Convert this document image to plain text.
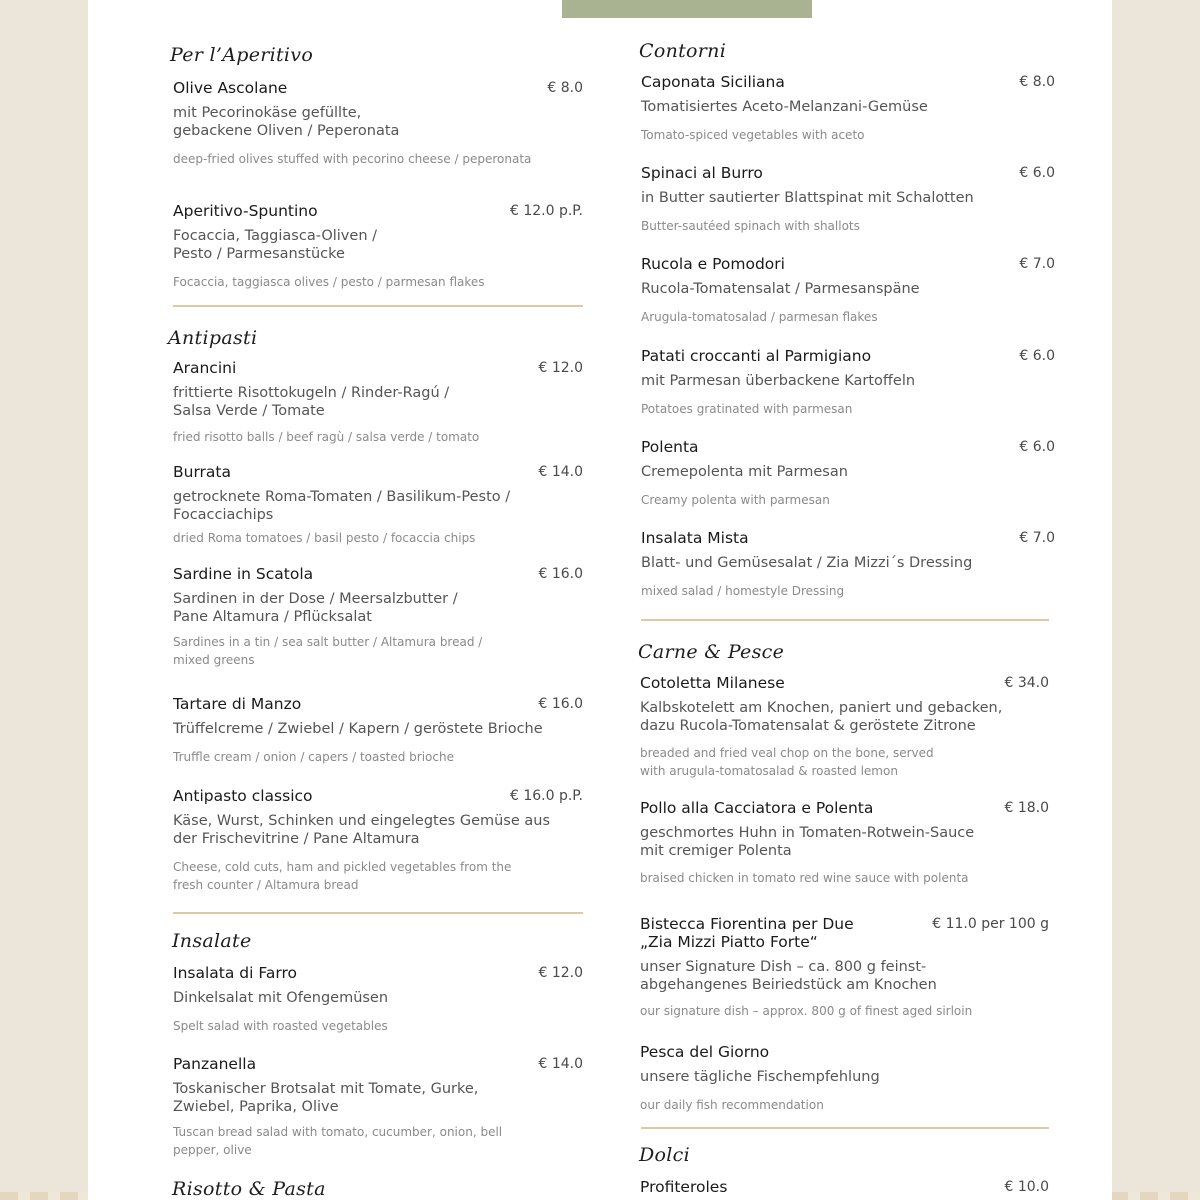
Per l’Aperitivo
Olive Ascolane	€ 8.0
mit Pecorinokäse gefüllte,
gebackene Oliven / Peperonata
deep-fried olives stuffed with pecorino cheese / peperonata
Aperitivo-Spuntino	€ 12.0 p.P.
Focaccia, Taggiasca-Oliven /
Pesto / Parmesanstücke
Focaccia, taggiasca olives / pesto / parmesan flakes
Antipasti
Arancini	€ 12.0
frittierte Risottokugeln / Rinder-Ragú /
Salsa Verde / Tomate
fried risotto balls / beef ragù / salsa verde / tomato
Burrata	€ 14.0
getrocknete Roma-Tomaten / Basilikum-Pesto /
Focacciachips
dried Roma tomatoes / basil pesto / focaccia chips
Sardine in Scatola	€ 16.0
Sardinen in der Dose / Meersalzbutter /
Pane Altamura / Pflücksalat
Sardines in a tin / sea salt butter / Altamura bread /
mixed greens
Tartare di Manzo	€ 16.0
Trüffelcreme / Zwiebel / Kapern / geröstete Brioche
Truffle cream / onion / capers / toasted brioche
Antipasto classico	€ 16.0 p.P.
Käse, Wurst, Schinken und eingelegtes Gemüse aus
der Frischevitrine / Pane Altamura
Cheese, cold cuts, ham and pickled vegetables from the
fresh counter / Altamura bread
Insalate
Insalata di Farro	€ 12.0
Dinkelsalat mit Ofengemüsen
Spelt salad with roasted vegetables
Panzanella	€ 14.0
Toskanischer Brotsalat mit Tomate, Gurke,
Zwiebel, Paprika, Olive
Tuscan bread salad with tomato, cucumber, onion, bell
pepper, olive
Risotto & Pasta
Contorni
Caponata Siciliana	€ 8.0
Tomatisiertes Aceto-Melanzani-Gemüse
Tomato-spiced vegetables with aceto
Spinaci al Burro	€ 6.0
in Butter sautierter Blattspinat mit Schalotten
Butter-sautéed spinach with shallots
Rucola e Pomodori	€ 7.0
Rucola-Tomatensalat / Parmesanspäne
Arugula-tomatosalad / parmesan flakes
Patati croccanti al Parmigiano	€ 6.0
mit Parmesan überbackene Kartoffeln
Potatoes gratinated with parmesan
Polenta	€ 6.0
Cremepolenta mit Parmesan
Creamy polenta with parmesan
Insalata Mista	€ 7.0
Blatt- und Gemüsesalat / Zia Mizzi´s Dressing
mixed salad / homestyle Dressing
Carne & Pesce
Cotoletta Milanese	€ 34.0
Kalbskotelett am Knochen, paniert und gebacken,
dazu Rucola-Tomatensalat & geröstete Zitrone
breaded and fried veal chop on the bone, served
with arugula-tomatosalad & roasted lemon
Pollo alla Cacciatora e Polenta	€ 18.0
geschmortes Huhn in Tomaten-Rotwein-Sauce
mit cremiger Polenta
braised chicken in tomato red wine sauce with polenta
Bistecca Fiorentina per Due
„Zia Mizzi Piatto Forte“
€ 11.0 per 100 g
unser Signature Dish – ca. 800 g feinst-
abgehangenes Beiriedstück am Knochen
our signature dish – approx. 800 g of finest aged sirloin
Pesca del Giorno
unsere tägliche Fischempfehlung
our daily fish recommendation
Dolci
Profiteroles	€ 10.0
